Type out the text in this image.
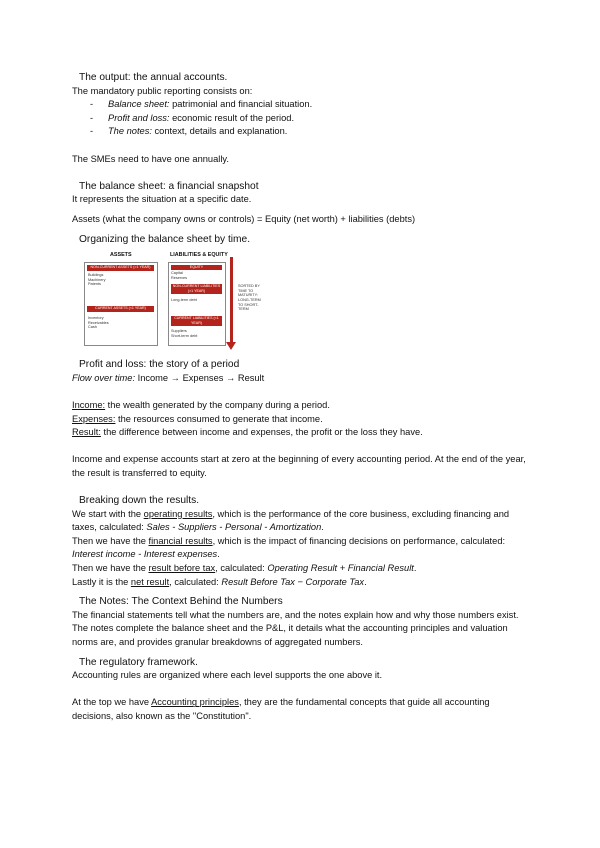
The output: the annual accounts.
The mandatory public reporting consists on:
- Balance sheet: patrimonial and financial situation.
- Profit and loss: economic result of the period.
- The notes: context, details and explanation.
The SMEs need to have one annually.
The balance sheet: a financial snapshot
It represents the situation at a specific date.
Assets (what the company owns or controls) = Equity (net worth) + liabilities (debts)
Organizing the balance sheet by time.
ASSETS	LIABILITIES & EQUITY
NON-CURRENT ASSETS (>1 YEAR)
Buildings
Machinery
Patents
CURRENT ASSETS (<1 YEAR)
Inventory
Receivables
Cash
EQUITY
Capital
Reserves
NON-CURRENT LIABILITIES (>1 YEAR)
Long-term debt
CURRENT LIABILITIES (<1 YEAR)
Suppliers
Short-term debt
SORTED BY
TIME TO
MATURITY:
LONG-TERM
TO SHORT-
TERM
Profit and loss: the story of a period
Flow over time: Income → Expenses → Result
Income: the wealth generated by the company during a period.
Expenses: the resources consumed to generate that income.
Result: the difference between income and expenses, the profit or the loss they have.
Income and expense accounts start at zero at the beginning of every accounting period. At the end of the year, the result is transferred to equity.
Breaking down the results.
We start with the operating results, which is the performance of the core business, excluding financing and taxes, calculated: Sales - Suppliers - Personal - Amortization.
Then we have the financial results, which is the impact of financing decisions on performance, calculated: Interest income - Interest expenses.
Then we have the result before tax, calculated: Operating Result + Financial Result.
Lastly it is the net result, calculated: Result Before Tax − Corporate Tax.
The Notes: The Context Behind the Numbers
The financial statements tell what the numbers are, and the notes explain how and why those numbers exist. The notes complete the balance sheet and the P&L, it details what the accounting principles and valuation norms are, and provides granular breakdowns of aggregated numbers.
The regulatory framework.
Accounting rules are organized where each level supports the one above it.
At the top we have Accounting principles, they are the fundamental concepts that guide all accounting decisions, also known as the "Constitution".
